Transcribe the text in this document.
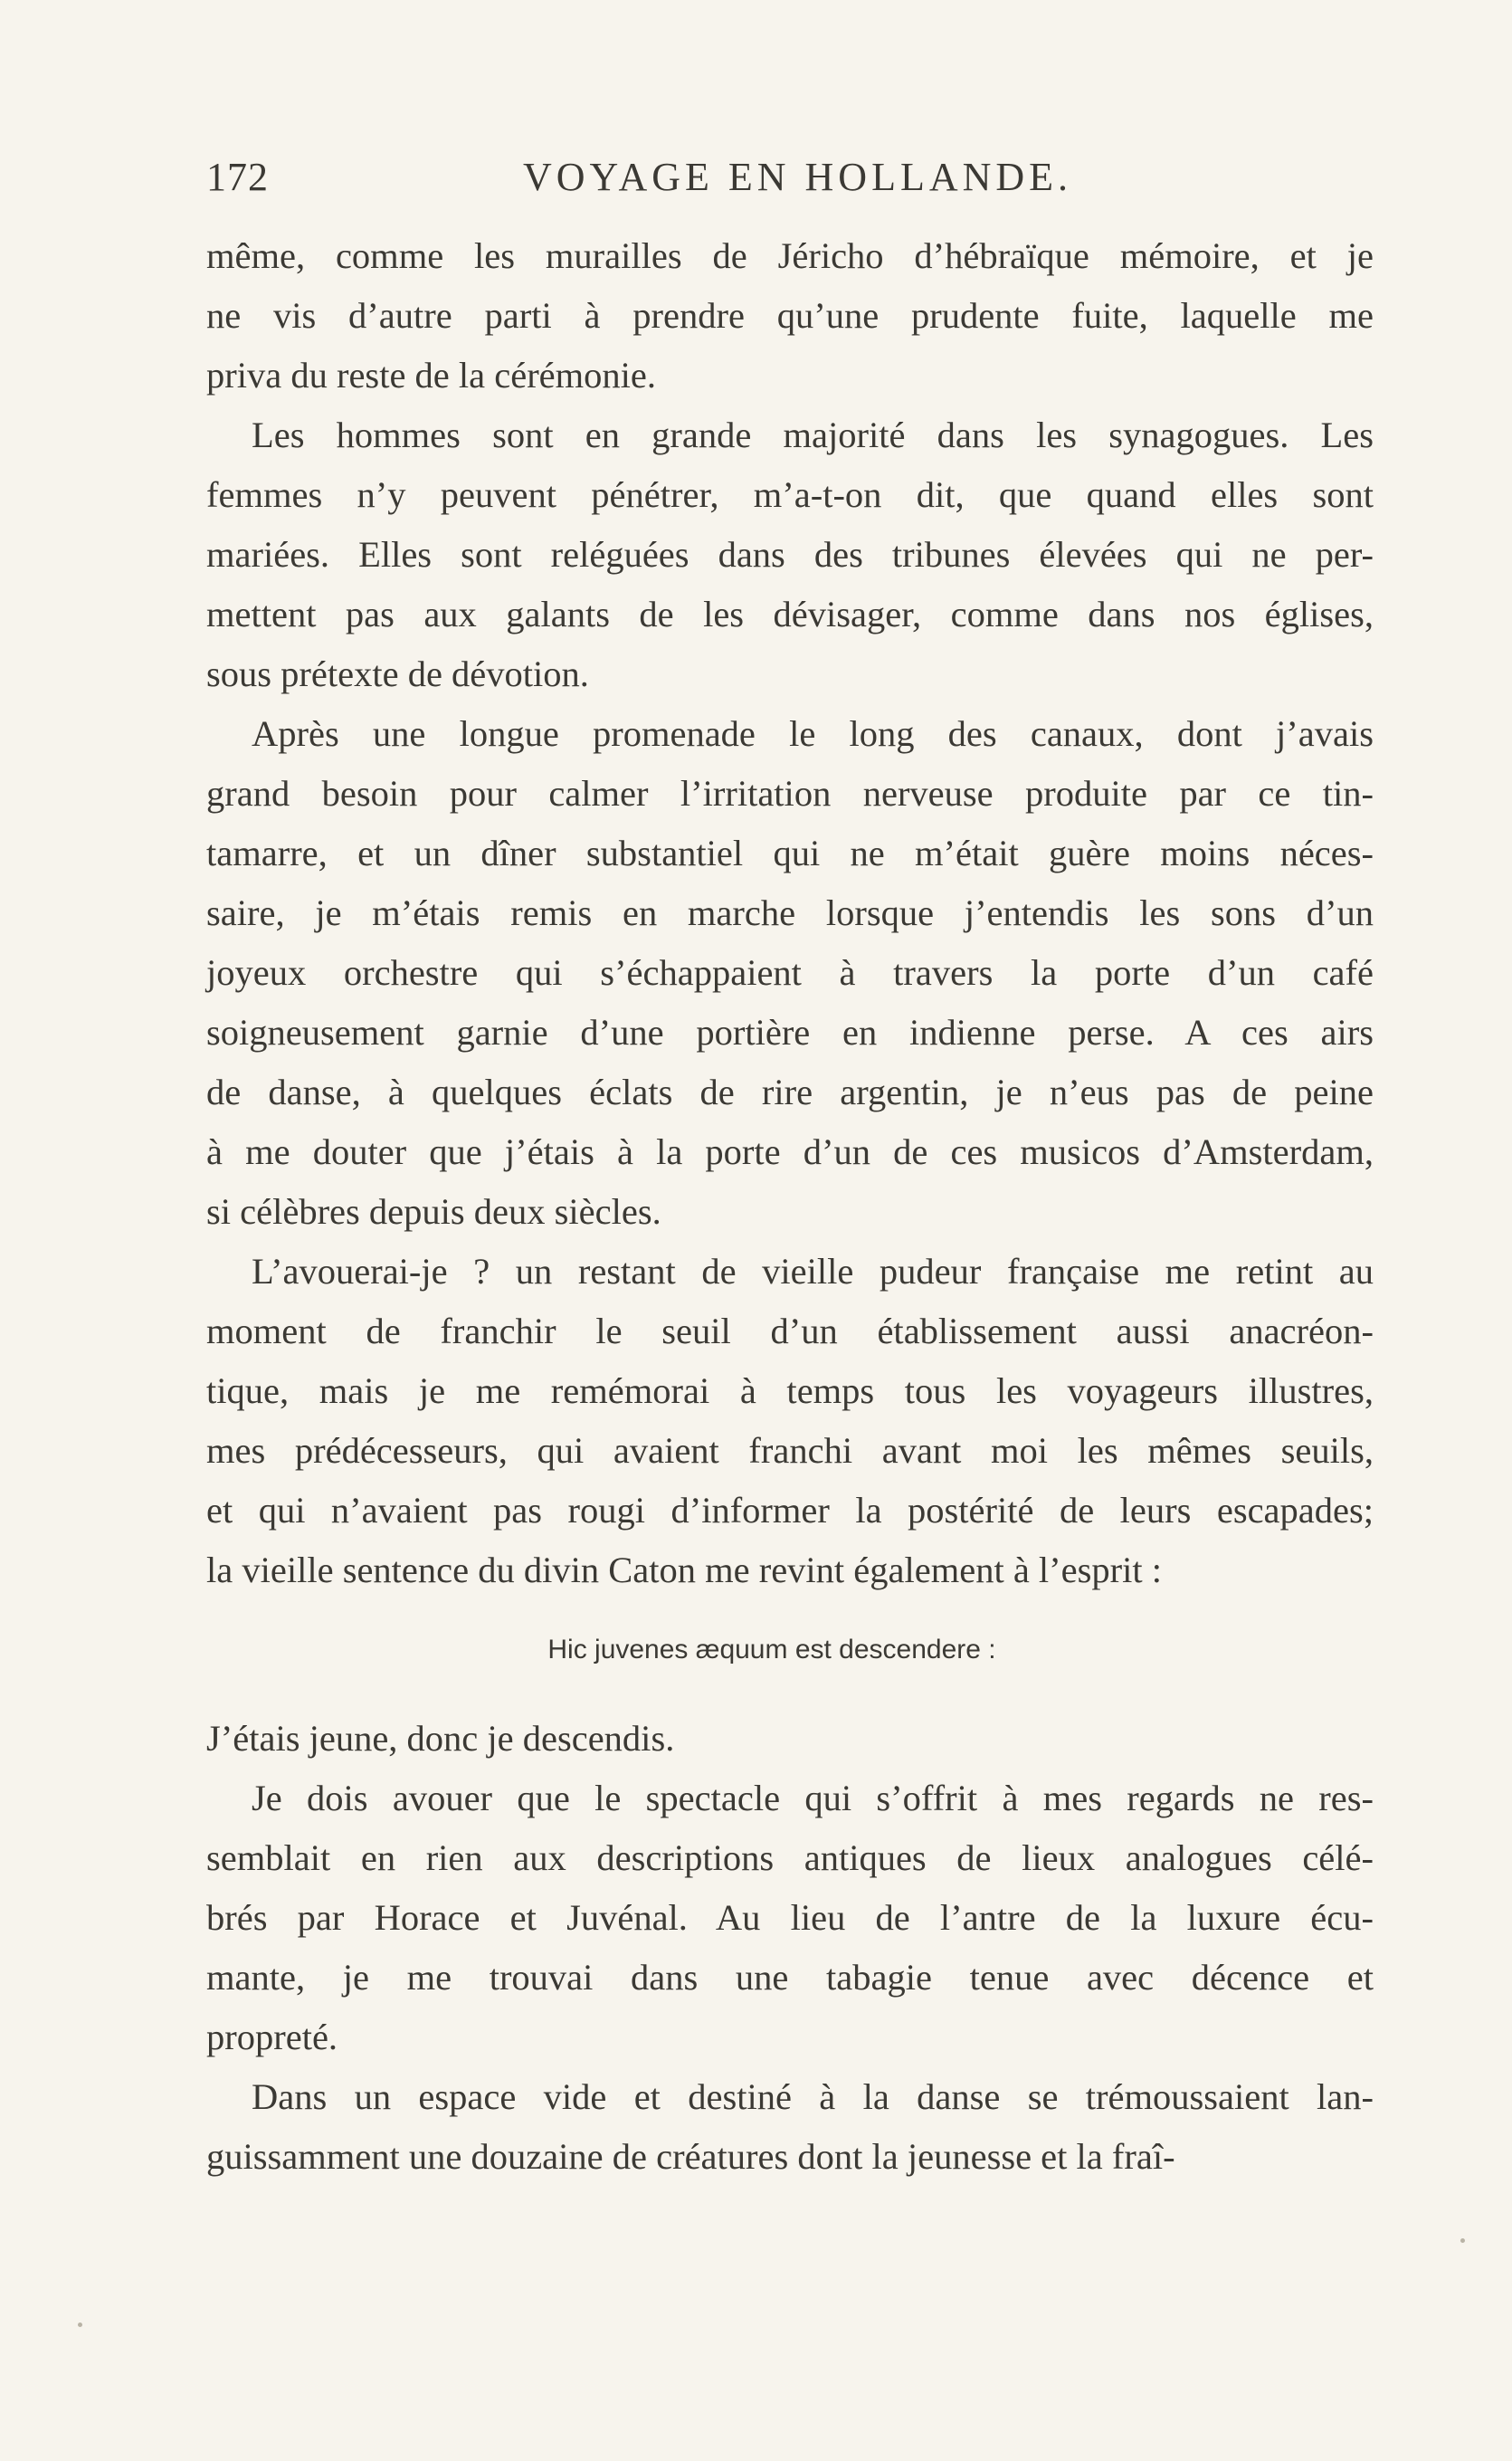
172	VOYAGE EN HOLLANDE.
même, comme les murailles de Jéricho d’hébraïque mémoire, et je
ne vis d’autre parti à prendre qu’une prudente fuite, laquelle me
priva du reste de la cérémonie.
Les hommes sont en grande majorité dans les synagogues. Les
femmes n’y peuvent pénétrer, m’a-t-on dit, que quand elles sont
mariées. Elles sont reléguées dans des tribunes élevées qui ne per-
mettent pas aux galants de les dévisager, comme dans nos églises,
sous prétexte de dévotion.
Après une longue promenade le long des canaux, dont j’avais
grand besoin pour calmer l’irritation nerveuse produite par ce tin-
tamarre, et un dîner substantiel qui ne m’était guère moins néces-
saire, je m’étais remis en marche lorsque j’entendis les sons d’un
joyeux orchestre qui s’échappaient à travers la porte d’un café
soigneusement garnie d’une portière en indienne perse. A ces airs
de danse, à quelques éclats de rire argentin, je n’eus pas de peine
à me douter que j’étais à la porte d’un de ces musicos d’Amsterdam,
si célèbres depuis deux siècles.
L’avouerai-je ? un restant de vieille pudeur française me retint au
moment de franchir le seuil d’un établissement aussi anacréon-
tique, mais je me remémorai à temps tous les voyageurs illustres,
mes prédécesseurs, qui avaient franchi avant moi les mêmes seuils,
et qui n’avaient pas rougi d’informer la postérité de leurs escapades;
la vieille sentence du divin Caton me revint également à l’esprit :
Hic juvenes æquum est descendere :
J’étais jeune, donc je descendis.
Je dois avouer que le spectacle qui s’offrit à mes regards ne res-
semblait en rien aux descriptions antiques de lieux analogues célé-
brés par Horace et Juvénal. Au lieu de l’antre de la luxure écu-
mante, je me trouvai dans une tabagie tenue avec décence et
propreté.
Dans un espace vide et destiné à la danse se trémoussaient lan-
guissamment une douzaine de créatures dont la jeunesse et la fraî-
